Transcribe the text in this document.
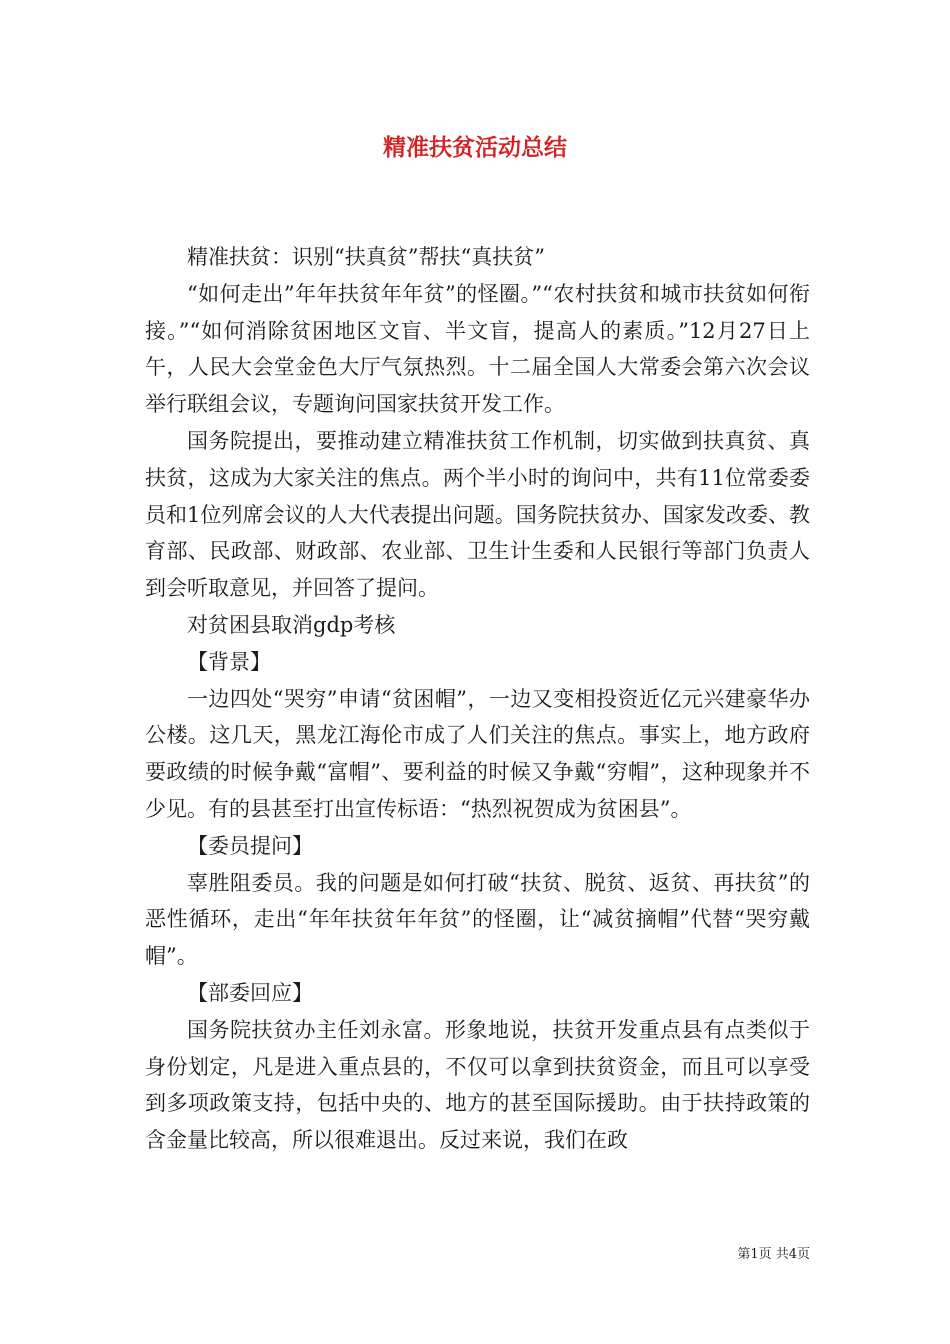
精准扶贫活动总结

精准扶贫：识别“扶真贫”帮扶“真扶贫”

“如何走出”年年扶贫年年贫”的怪圈。”“农村扶贫和城市扶贫如何衔接。”“如何消除贫困地区文盲、半文盲，提高人的素质。”12月27日上午，人民大会堂金色大厅气氛热烈。十二届全国人大常委会第六次会议举行联组会议，专题询问国家扶贫开发工作。

国务院提出，要推动建立精准扶贫工作机制，切实做到扶真贫、真扶贫，这成为大家关注的焦点。两个半小时的询问中，共有11位常委委员和1位列席会议的人大代表提出问题。国务院扶贫办、国家发改委、教育部、民政部、财政部、农业部、卫生计生委和人民银行等部门负责人到会听取意见，并回答了提问。

对贫困县取消gdp考核

【背景】

一边四处“哭穷”申请“贫困帽”，一边又变相投资近亿元兴建豪华办公楼。这几天，黑龙江海伦市成了人们关注的焦点。事实上，地方政府要政绩的时候争戴“富帽”、要利益的时候又争戴“穷帽”，这种现象并不少见。有的县甚至打出宣传标语：“热烈祝贺成为贫困县”。

【委员提问】

辜胜阻委员。我的问题是如何打破“扶贫、脱贫、返贫、再扶贫”的恶性循环，走出“年年扶贫年年贫”的怪圈，让“减贫摘帽”代替“哭穷戴帽”。

【部委回应】

国务院扶贫办主任刘永富。形象地说，扶贫开发重点县有点类似于身份划定，凡是进入重点县的，不仅可以拿到扶贫资金，而且可以享受到多项政策支持，包括中央的、地方的甚至国际援助。由于扶持政策的含金量比较高，所以很难退出。反过来说，我们在政

第1页 共4页
